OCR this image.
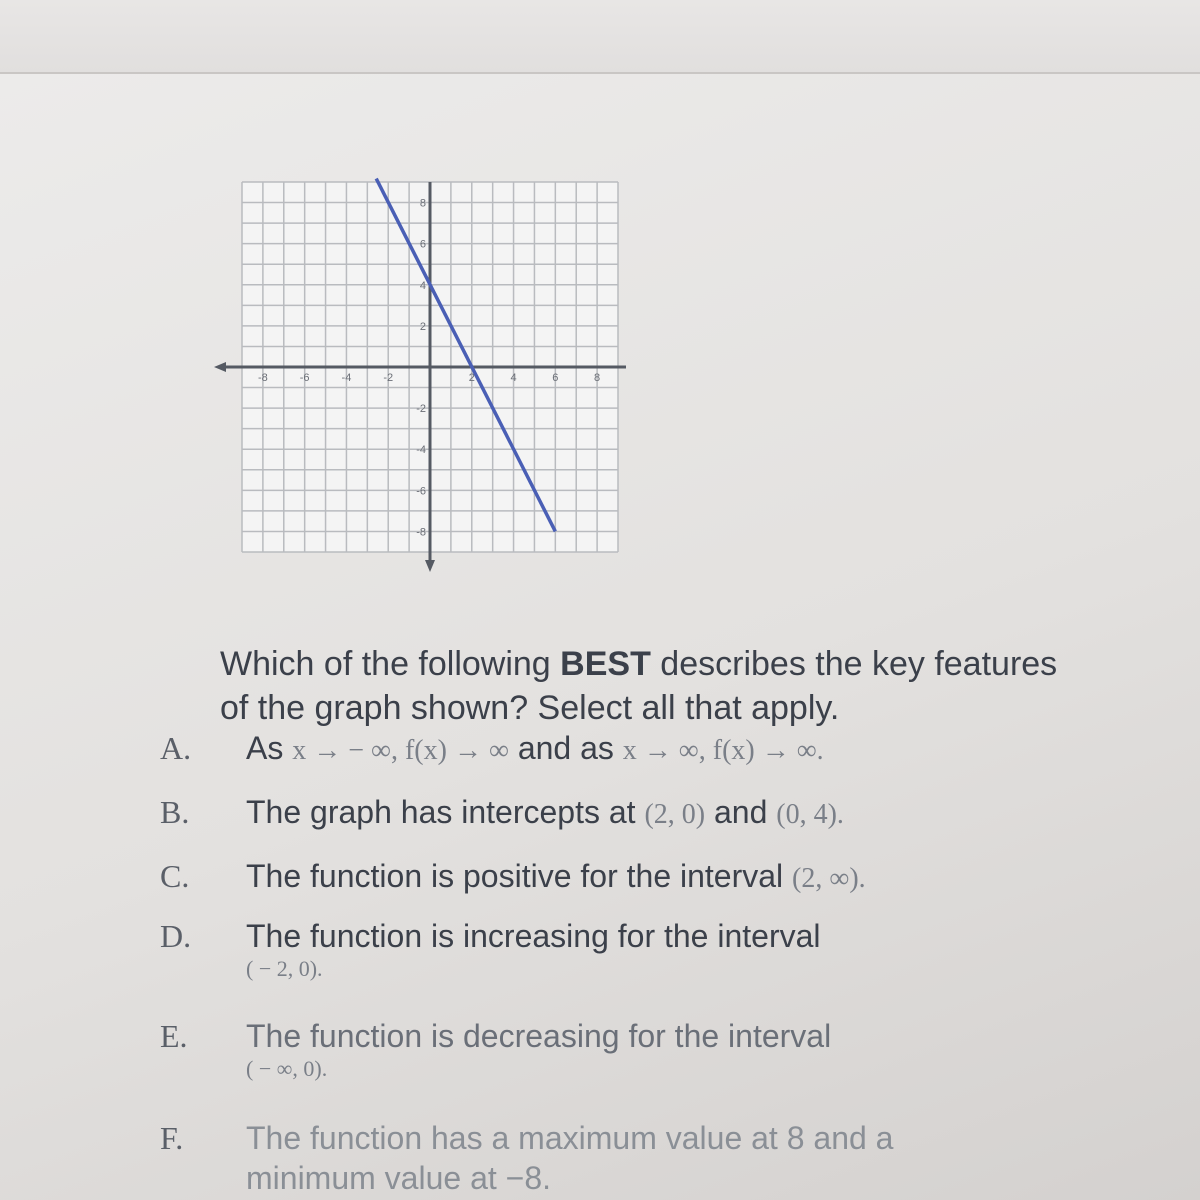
-8	-6	-4	-2	2	4	6	8
8
6
4
2
-2
-4
-6
-8
Which of the following BEST describes the key features of the graph shown? Select all that apply.
A. As x → − ∞, f(x) → ∞ and as x → ∞, f(x) → ∞.
B. The graph has intercepts at (2, 0) and (0, 4).
C. The function is positive for the interval (2, ∞).
D. The function is increasing for the interval
( − 2, 0).
E. The function is decreasing for the interval
( − ∞, 0).
F. The function has a maximum value at 8 and a minimum value at −8.
